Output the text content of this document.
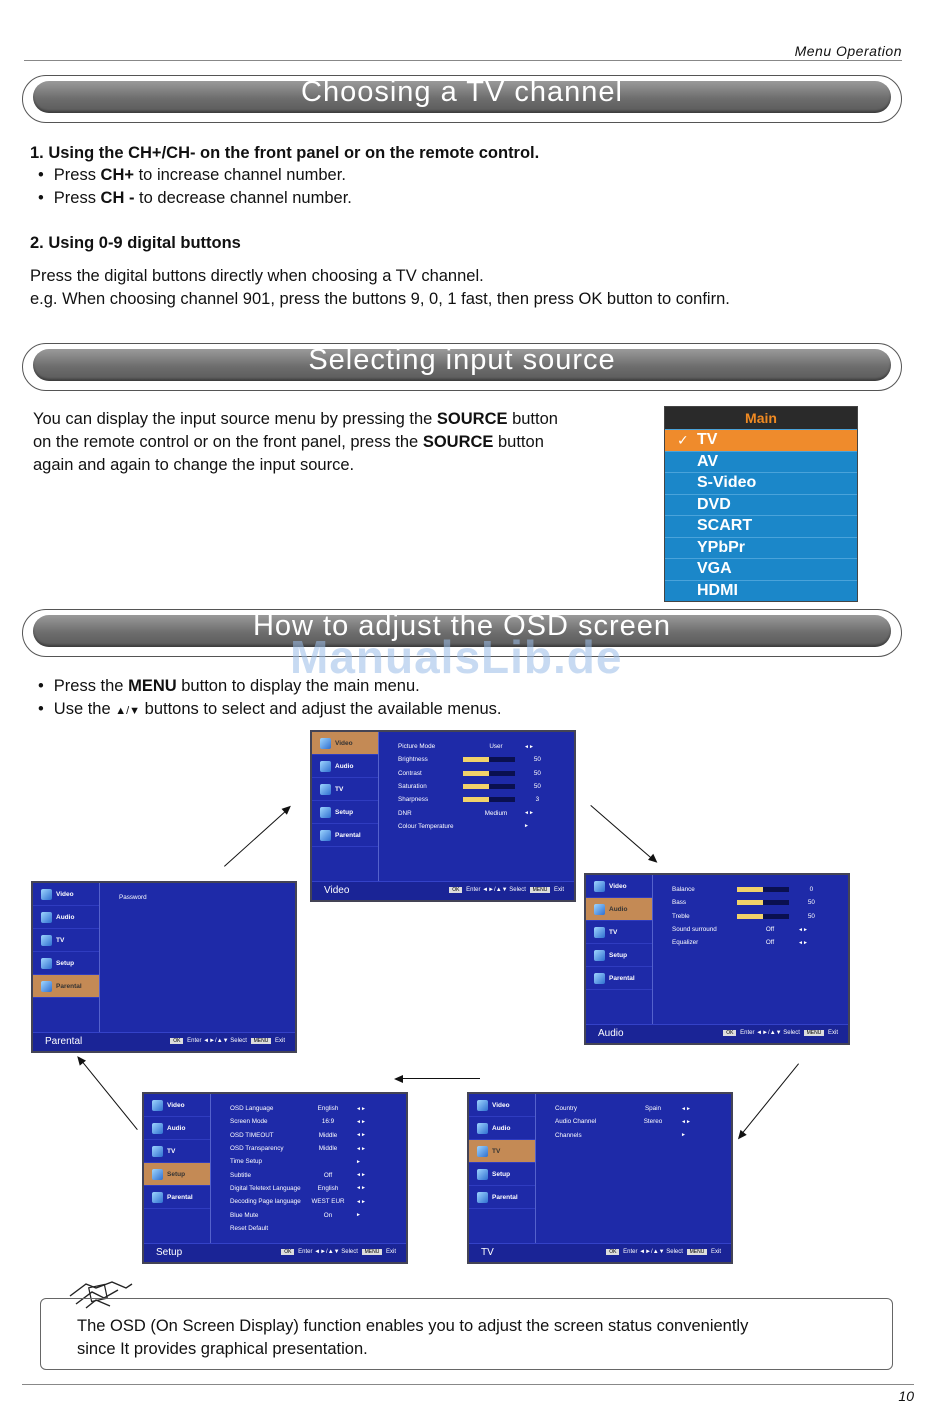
Menu Operation
Choosing a TV channel
1. Using the CH+/CH- on the front panel or on the remote control.
• Press CH+ to increase channel number.
• Press CH - to decrease channel number.
2. Using 0-9 digital buttons
Press the digital buttons directly when choosing a TV channel.
e.g. When choosing channel 901, press the buttons 9, 0, 1 fast, then press OK button to confirn.
Selecting input source
You can display the input source menu by pressing the SOURCE button
on the remote control or on the front panel, press the SOURCE button
again and again to change the input source.
Main
✓ TV
AV
S-Video
DVD
SCART
YPbPr
VGA
HDMI
How to adjust the OSD screen
ManualsLib.de
• Press the MENU button to display the main menu.
• Use the ▲/▼ buttons to select and adjust the available menus.
Video
Audio
TV
Setup
Parental
Picture Mode	User	◄►
Brightness	50
Contrast	50
Saturation	50
Sharpness	3
DNR	Medium	◄►
Colour Temperature	►
Video	OK Enter ◄►/▲▼ Select MENU Exit
Video
Audio
TV
Setup
Parental
Balance	0
Bass	50
Treble	50
Sound surround	Off	◄►
Equalizer	Off	◄►
Audio	OK Enter ◄►/▲▼ Select MENU Exit
Video
Audio
TV
Setup
Parental
Password
Parental	OK Enter ◄►/▲▼ Select MENU Exit
Video
Audio
TV
Setup
Parental
OSD Language	English	◄►
Screen Mode	16:9	◄►
OSD TIMEOUT	Middle	◄►
OSD Transparency	Middle	◄►
Time Setup	►
Subtitle	Off	◄►
Digital Teletext Language	English	◄►
Decoding Page language	WEST EUR	◄►
Blue Mute	On	►
Reset Default
Setup	OK Enter ◄►/▲▼ Select MENU Exit
Video
Audio
TV
Setup
Parental
Country	Spain	◄►
Audio Channel	Stereo	◄►
Channels	►
TV	OK Enter ◄►/▲▼ Select MENU Exit
The OSD (On Screen Display) function enables you to adjust the screen status conveniently
since It provides graphical presentation.
10
